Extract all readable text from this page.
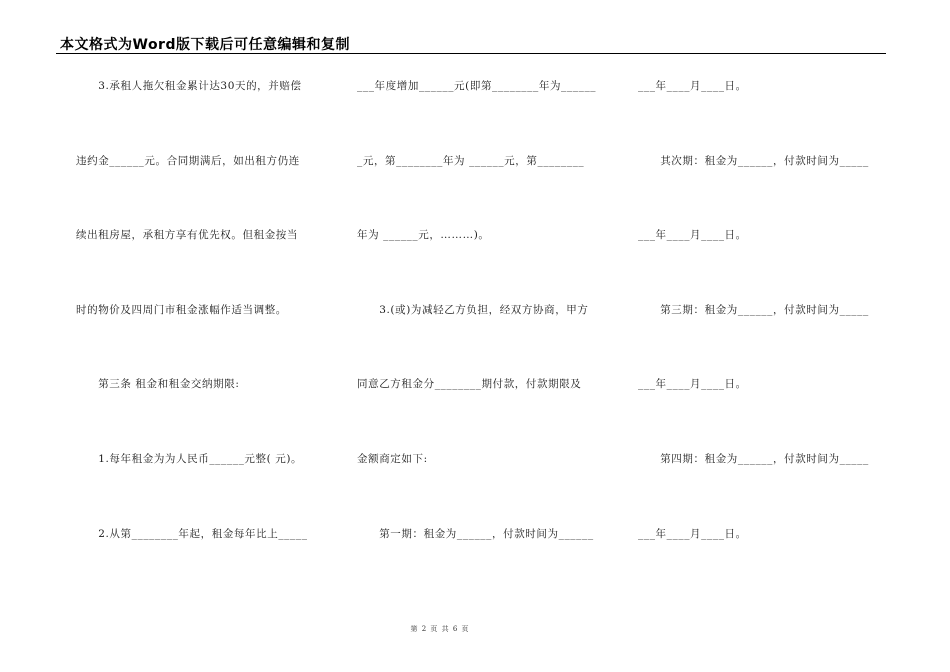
本文格式为Word版下载后可任意编辑和复制
　　3.承租人拖欠租金累计达30天的，并赔偿
违约金______元。合同期满后，如出租方仍连
续出租房屋，承租方享有优先权。但租金按当
时的物价及四周门市租金涨幅作适当调整。
　　第三条 租金和租金交纳期限:
　　1.每年租金为为人民币______元整( 元)。
　　2.从第________年起，租金每年比上_____
___年度增加______元(即第________年为______
_元，第________年为 ______元，第________
年为 ______元，………)。
　　3.(或)为减轻乙方负担，经双方协商，甲方
同意乙方租金分________期付款，付款期限及
金额商定如下:
　　第一期：租金为______，付款时间为______
___年____月____日。
　　其次期：租金为______，付款时间为_____
___年____月____日。
　　第三期：租金为______，付款时间为_____
___年____月____日。
　　第四期：租金为______，付款时间为_____
___年____月____日。
第 2 页 共 6 页
